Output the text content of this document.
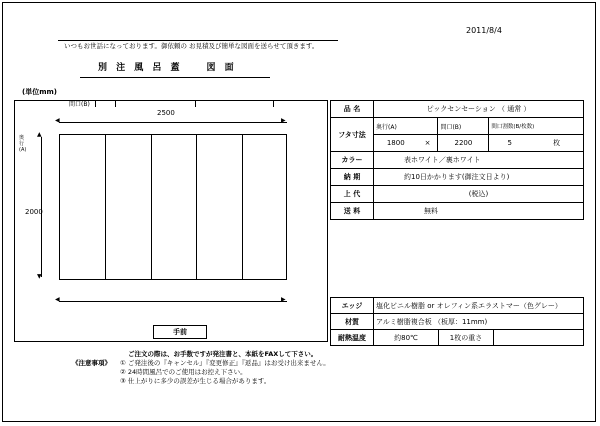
2011/8/4
いつもお世話になっております。御依頼の お見積及び簡単な図面を送らせて頂きます。
別 注 風 呂 蓋　　図 面
(単位mm)
間口(B)
2500
◀	▶
奥行(A)
2000
▲
▼
◀	▶
手前
品 名	ピックセンセーション （ 通常 ）				
フタ寸法	奥行(A)		間口(B)	間口割数(B/枚数)	
	1800	×	2200	5	枚
カラー	表ホワイト／裏ホワイト				
納 期	約10日かかります(御注文日より)				
上 代	(税込)				
送 料	無料				
エッジ	塩化ビニル樹脂 or オレフィン系エラストマー（色グレー）		
材質	アルミ樹脂複合板 （板厚：11mm)		
耐熱温度	約80℃	1枚の重さ	
ご注文の際は、お手数ですが発注書と、本紙をFAXして下さい。
《注意事項》	① ご発注後の『キャンセル』『変更修正』『返品』はお受け出来ません。
② 24時間風呂でのご使用はお控え下さい。
③ 仕上がりに多少の誤差が生じる場合があります。
